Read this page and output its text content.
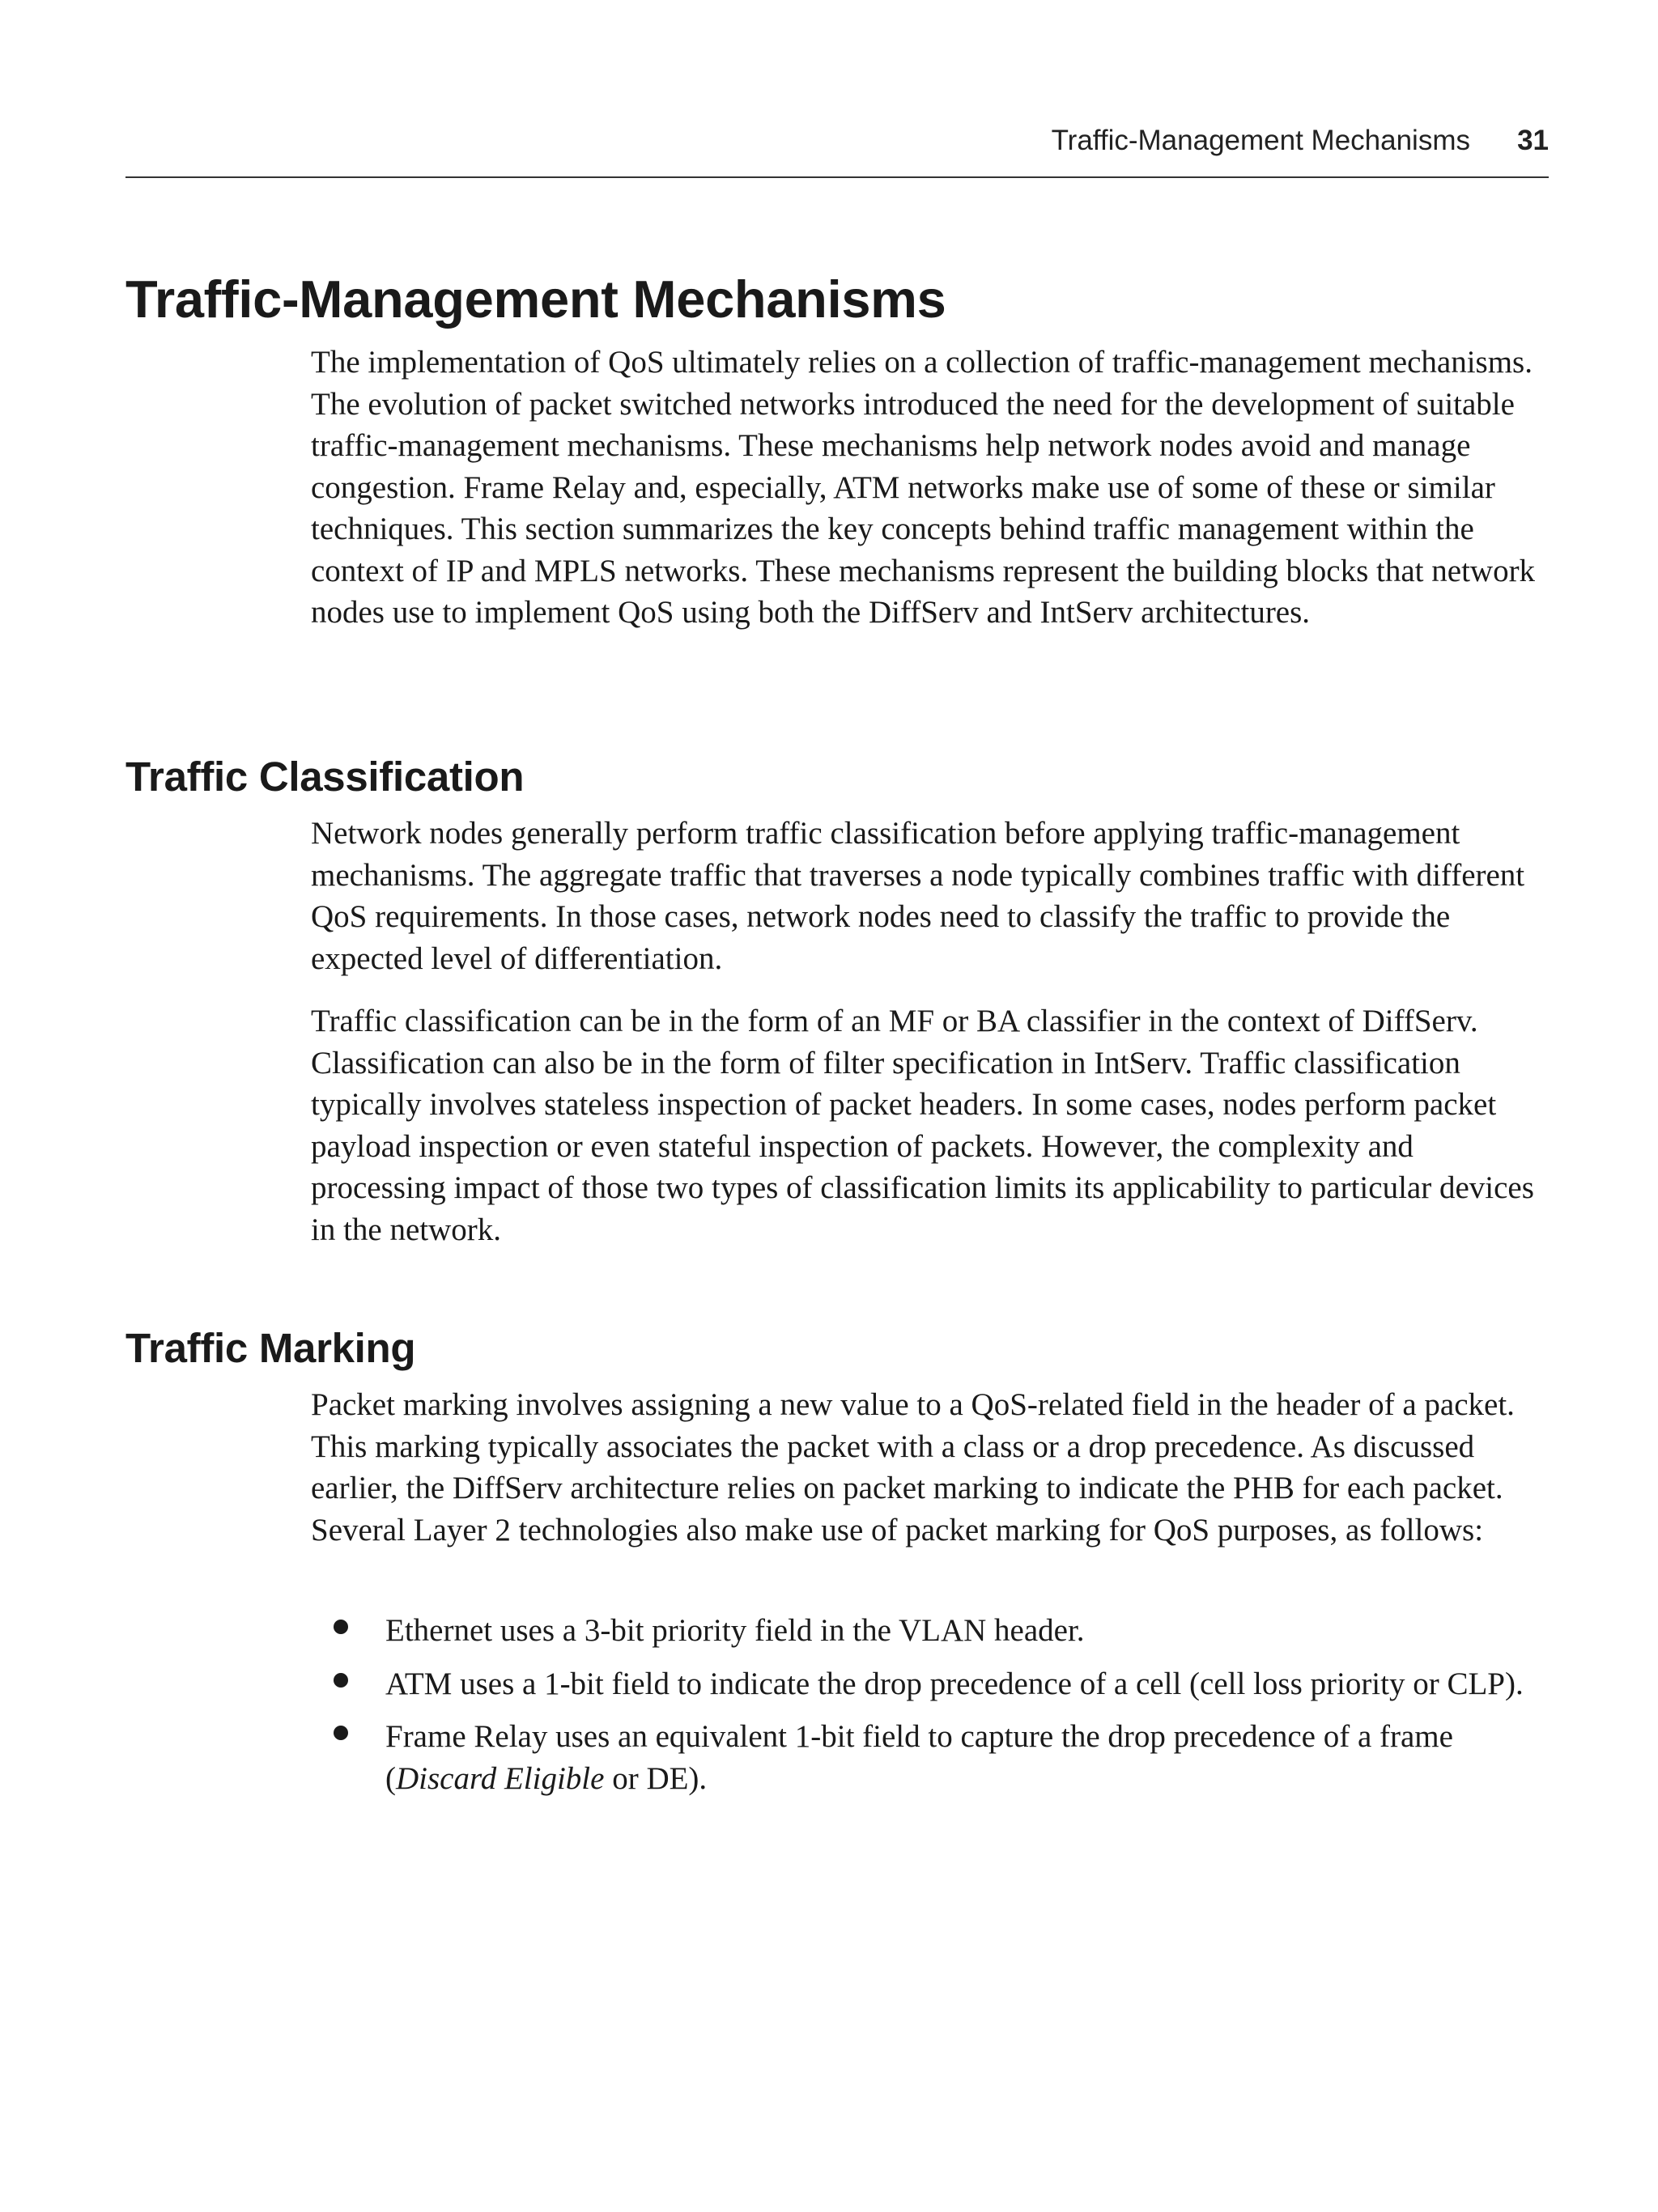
Traffic-Management Mechanisms 31
Traffic-Management Mechanisms

The implementation of QoS ultimately relies on a collection of traffic-management mechanisms. The evolution of packet switched networks introduced the need for the development of suitable traffic-management mechanisms. These mechanisms help network nodes avoid and manage congestion. Frame Relay and, especially, ATM networks make use of some of these or similar techniques. This section summarizes the key concepts behind traffic management within the context of IP and MPLS networks. These mechanisms represent the building blocks that network nodes use to implement QoS using both the DiffServ and IntServ architectures.

Traffic Classification

Network nodes generally perform traffic classification before applying traffic-management mechanisms. The aggregate traffic that traverses a node typically combines traffic with different QoS requirements. In those cases, network nodes need to classify the traffic to provide the expected level of differentiation.

Traffic classification can be in the form of an MF or BA classifier in the context of DiffServ. Classification can also be in the form of filter specification in IntServ. Traffic classification typically involves stateless inspection of packet headers. In some cases, nodes perform packet payload inspection or even stateful inspection of packets. However, the complexity and processing impact of those two types of classification limits its applicability to particular devices in the network.

Traffic Marking

Packet marking involves assigning a new value to a QoS-related field in the header of a packet. This marking typically associates the packet with a class or a drop precedence. As discussed earlier, the DiffServ architecture relies on packet marking to indicate the PHB for each packet. Several Layer 2 technologies also make use of packet marking for QoS purposes, as follows:

Ethernet uses a 3-bit priority field in the VLAN header.
ATM uses a 1-bit field to indicate the drop precedence of a cell (cell loss priority or CLP).
Frame Relay uses an equivalent 1-bit field to capture the drop precedence of a frame (Discard Eligible or DE).
